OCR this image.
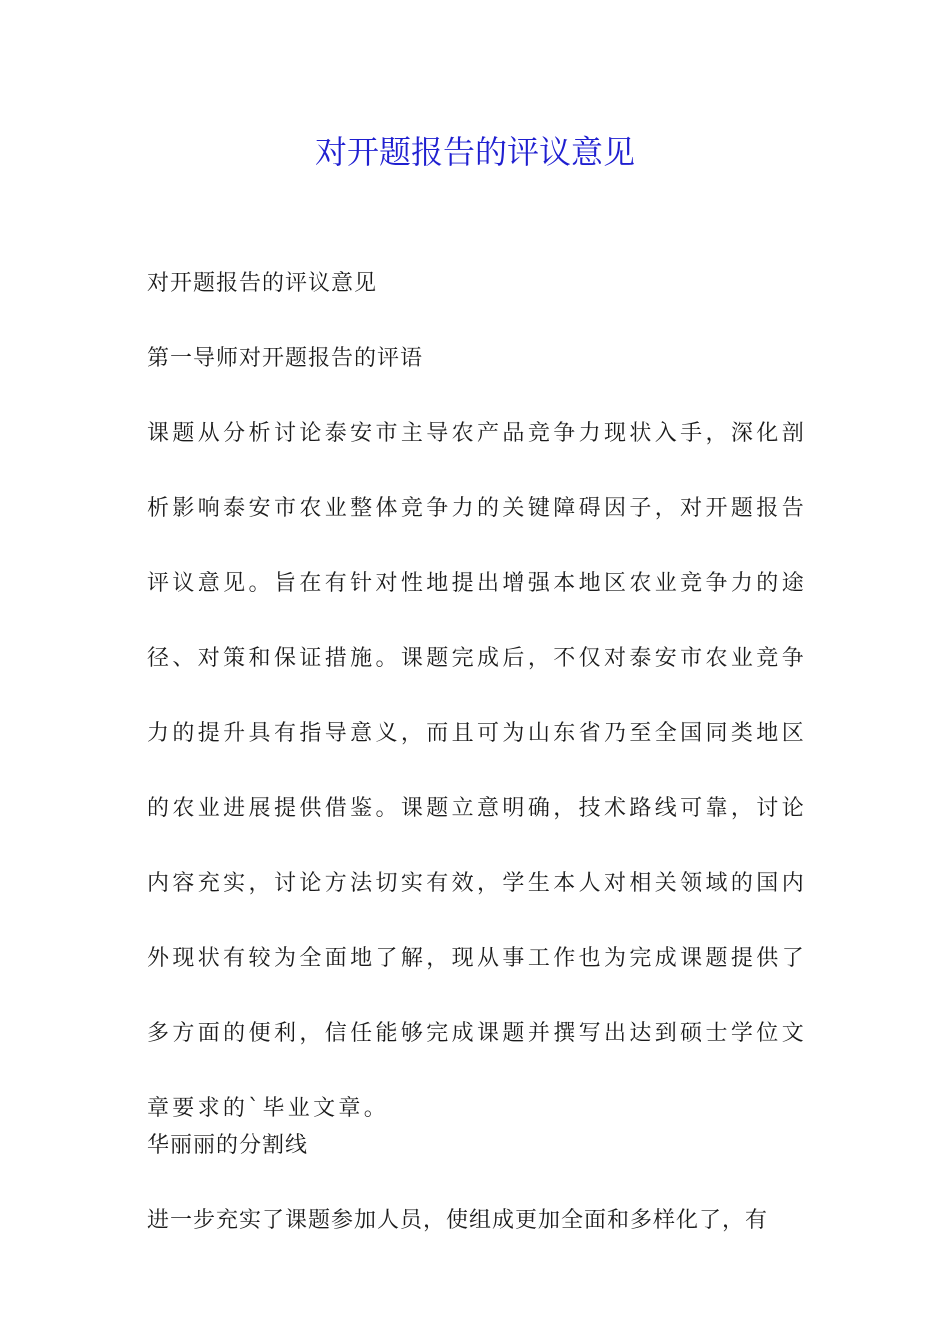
对开题报告的评议意见

对开题报告的评议意见

第一导师对开题报告的评语

课题从分析讨论泰安市主导农产品竞争力现状入手，深化剖析影响泰安市农业整体竞争力的关键障碍因子，对开题报告评议意见。旨在有针对性地提出增强本地区农业竞争力的途径、对策和保证措施。课题完成后，不仅对泰安市农业竞争力的提升具有指导意义，而且可为山东省乃至全国同类地区的农业进展提供借鉴。课题立意明确，技术路线可靠，讨论内容充实，讨论方法切实有效，学生本人对相关领域的国内外现状有较为全面地了解，现从事工作也为完成课题提供了多方面的便利，信任能够完成课题并撰写出达到硕士学位文章要求的`毕业文章。

华丽丽的分割线

进一步充实了课题参加人员，使组成更加全面和多样化了，有
